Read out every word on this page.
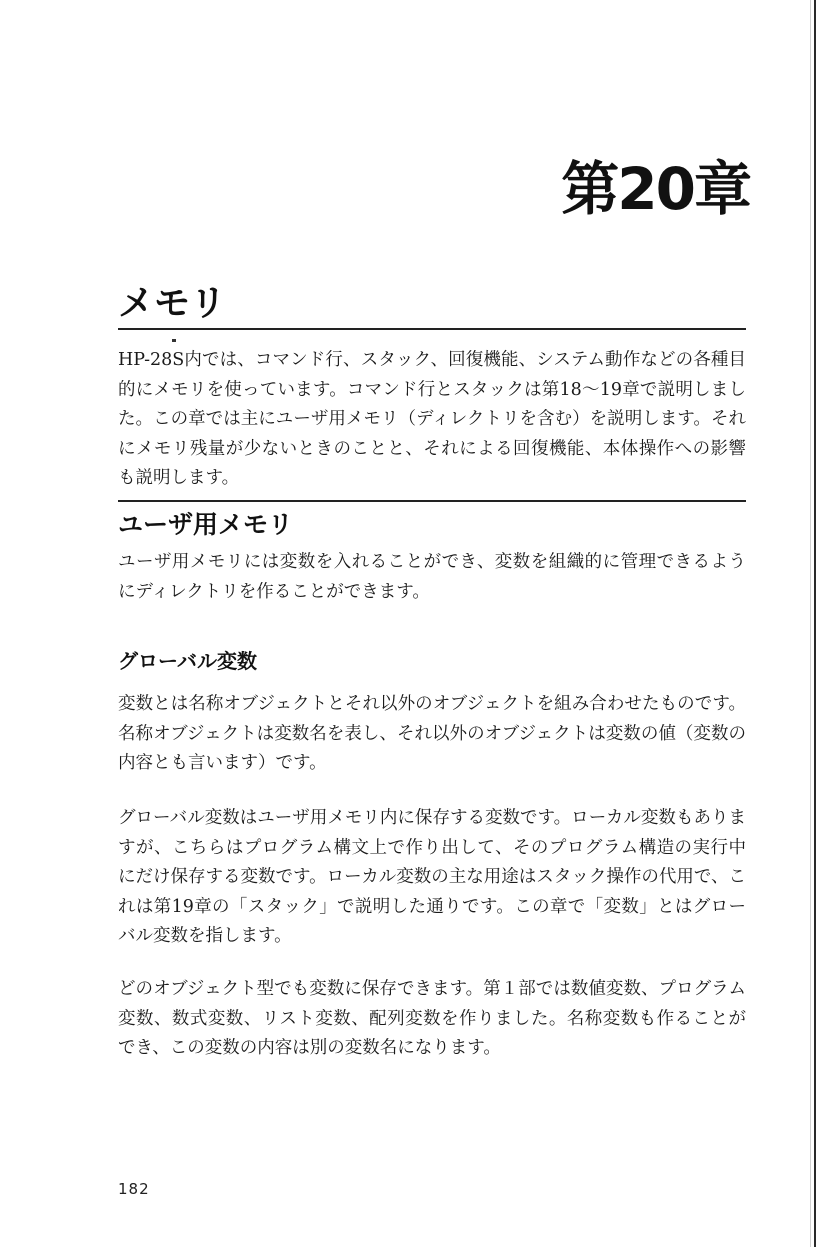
第20章
メモリ

HP-28S内では、コマンド行、スタック、回復機能、システム動作などの各種目的にメモリを使っています。コマンド行とスタックは第18～19章で説明しました。この章では主にユーザ用メモリ（ディレクトリを含む）を説明します。それにメモリ残量が少ないときのことと、それによる回復機能、本体操作への影響も説明します。

ユーザ用メモリ

ユーザ用メモリには変数を入れることができ、変数を組織的に管理できるようにディレクトリを作ることができます。

グローバル変数

変数とは名称オブジェクトとそれ以外のオブジェクトを組み合わせたものです。名称オブジェクトは変数名を表し、それ以外のオブジェクトは変数の値（変数の内容とも言います）です。

グローバル変数はユーザ用メモリ内に保存する変数です。ローカル変数もありますが、こちらはプログラム構文上で作り出して、そのプログラム構造の実行中にだけ保存する変数です。ローカル変数の主な用途はスタック操作の代用で、これは第19章の「スタック」で説明した通りです。この章で「変数」とはグローバル変数を指します。

どのオブジェクト型でも変数に保存できます。第１部では数値変数、プログラム変数、数式変数、リスト変数、配列変数を作りました。名称変数も作ることができ、この変数の内容は別の変数名になります。

182
